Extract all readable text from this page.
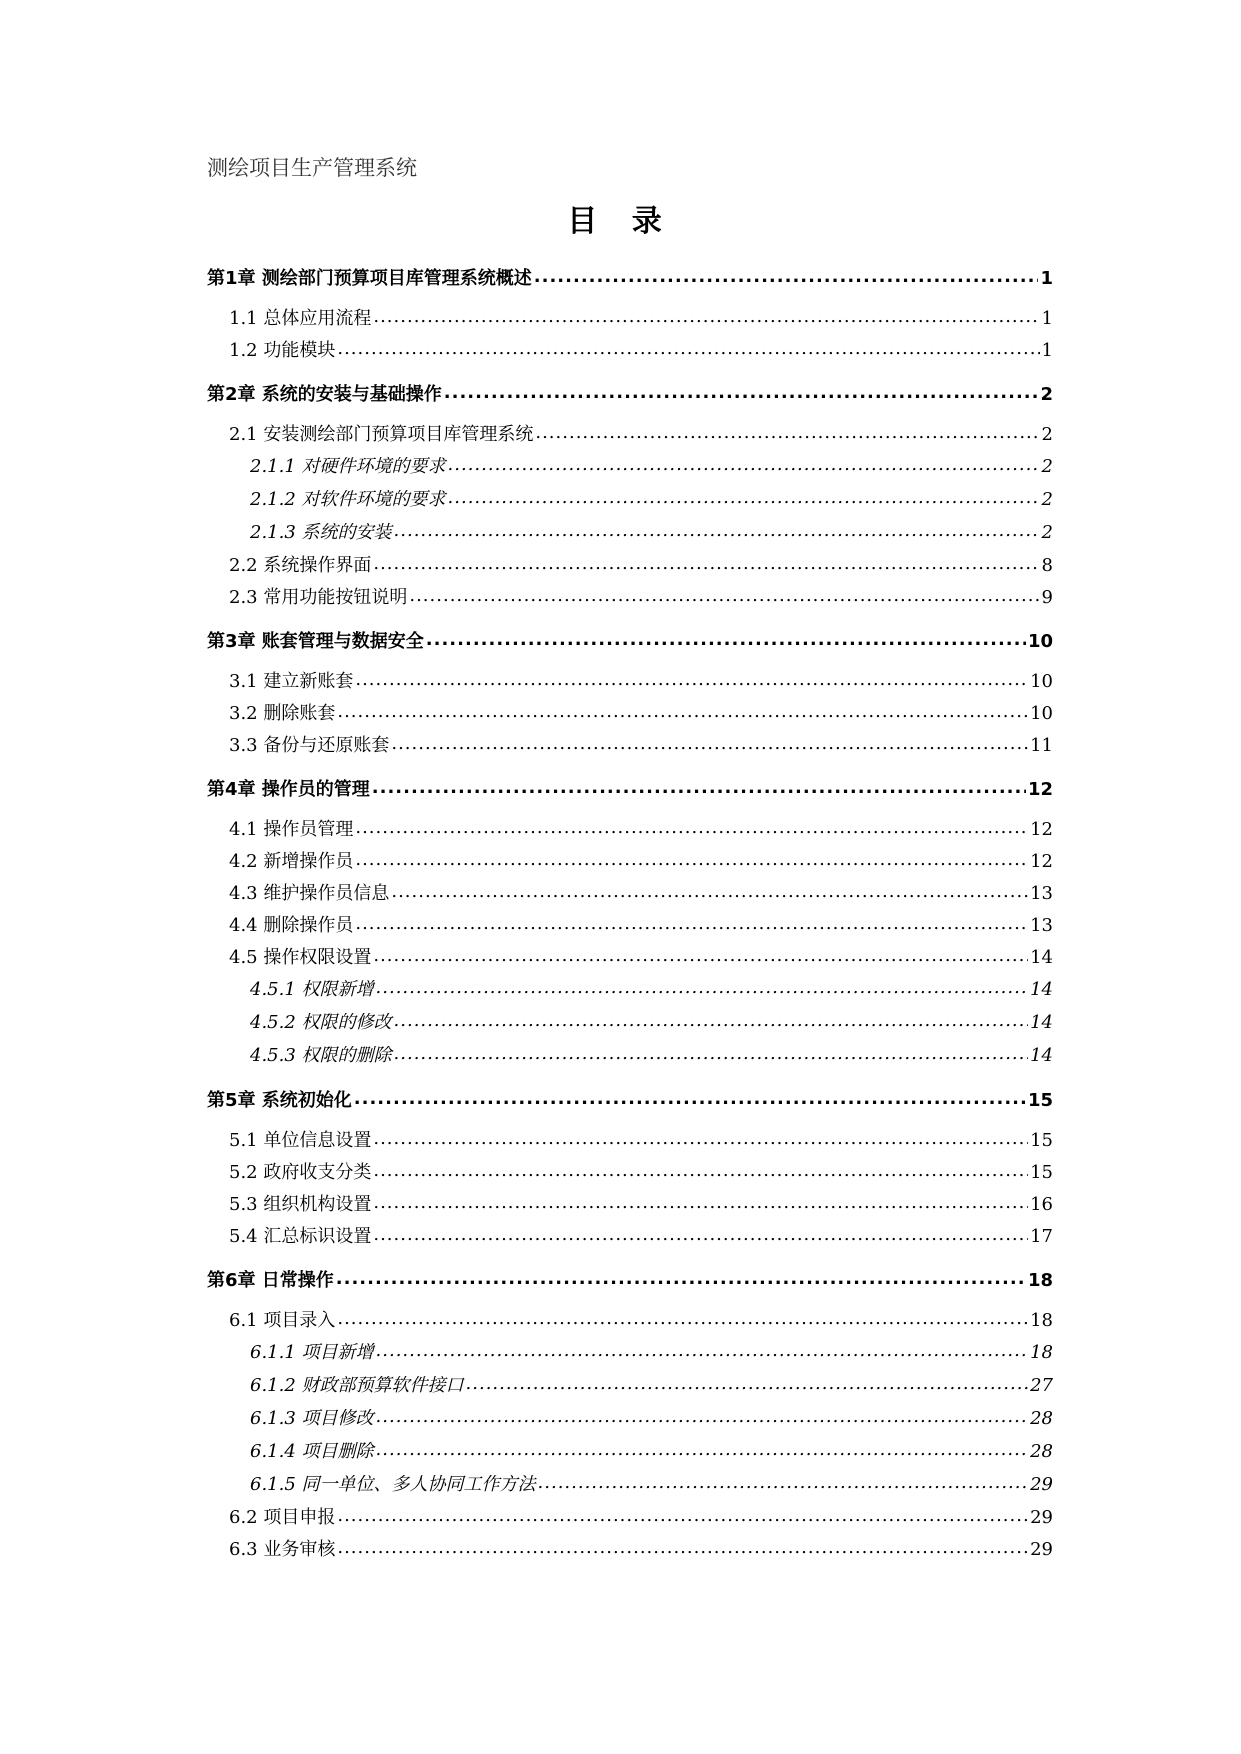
测绘项目生产管理系统
目 录
第1章 测绘部门预算项目库管理系统概述 .....	1
1.1 总体应用流程 .....	1
1.2 功能模块 .....	1
第2章 系统的安装与基础操作 .....	2
2.1 安装测绘部门预算项目库管理系统 .....	2
2.1.1 对硬件环境的要求 .....	2
2.1.2 对软件环境的要求 .....	2
2.1.3 系统的安装 .....	2
2.2 系统操作界面 .....	8
2.3 常用功能按钮说明 .....	9
第3章 账套管理与数据安全 .....	10
3.1 建立新账套 .....	10
3.2 删除账套 .....	10
3.3 备份与还原账套 .....	11
第4章 操作员的管理 .....	12
4.1 操作员管理 .....	12
4.2 新增操作员 .....	12
4.3 维护操作员信息 .....	13
4.4 删除操作员 .....	13
4.5 操作权限设置 .....	14
4.5.1 权限新增 .....	14
4.5.2 权限的修改 .....	14
4.5.3 权限的删除 .....	14
第5章 系统初始化 .....	15
5.1 单位信息设置 .....	15
5.2 政府收支分类 .....	15
5.3 组织机构设置 .....	16
5.4 汇总标识设置 .....	17
第6章 日常操作 .....	18
6.1 项目录入 .....	18
6.1.1 项目新增 .....	18
6.1.2 财政部预算软件接口 .....	27
6.1.3 项目修改 .....	28
6.1.4 项目删除 .....	28
6.1.5 同一单位、多人协同工作方法 .....	29
6.2 项目申报 .....	29
6.3 业务审核 .....	29
